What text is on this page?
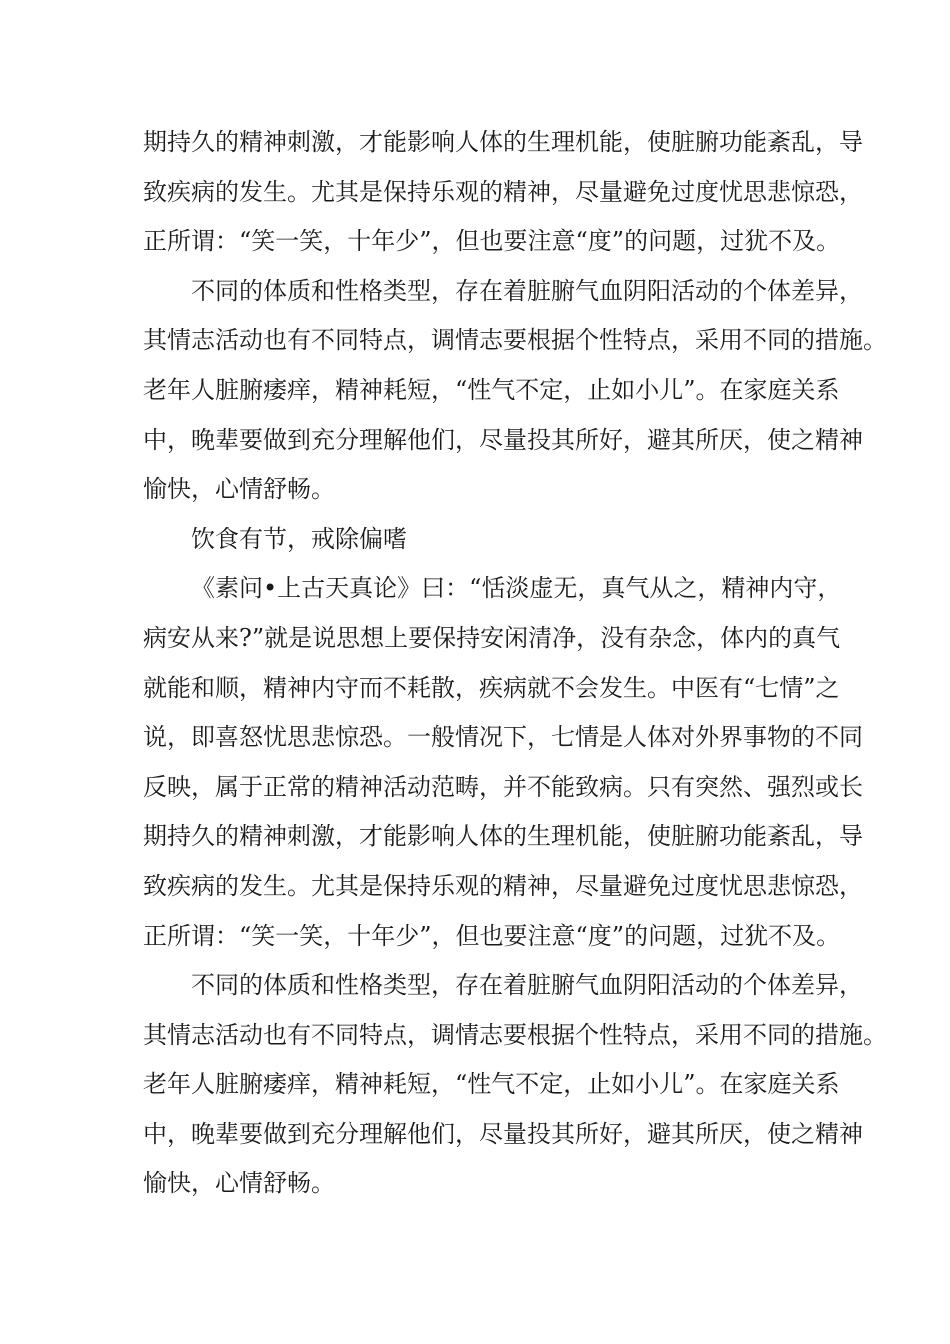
期持久的精神刺激，才能影响人体的生理机能，使脏腑功能紊乱，导
致疾病的发生。尤其是保持乐观的精神，尽量避免过度忧思悲惊恐，
正所谓：“笑一笑，十年少”，但也要注意“度”的问题，过犹不及。
不同的体质和性格类型，存在着脏腑气血阴阳活动的个体差异，
其情志活动也有不同特点，调情志要根据个性特点，采用不同的措施。
老年人脏腑痿痒，精神耗短，“性气不定，止如小儿”。在家庭关系
中，晚辈要做到充分理解他们，尽量投其所好，避其所厌，使之精神
愉快，心情舒畅。
饮食有节，戒除偏嗜
《素问•上古天真论》曰：“恬淡虚无，真气从之，精神内守，
病安从来?”就是说思想上要保持安闲清净，没有杂念，体内的真气
就能和顺，精神内守而不耗散，疾病就不会发生。中医有“七情”之
说，即喜怒忧思悲惊恐。一般情况下，七情是人体对外界事物的不同
反映，属于正常的精神活动范畴，并不能致病。只有突然、强烈或长
期持久的精神刺激，才能影响人体的生理机能，使脏腑功能紊乱，导
致疾病的发生。尤其是保持乐观的精神，尽量避免过度忧思悲惊恐，
正所谓：“笑一笑，十年少”，但也要注意“度”的问题，过犹不及。
不同的体质和性格类型，存在着脏腑气血阴阳活动的个体差异，
其情志活动也有不同特点，调情志要根据个性特点，采用不同的措施。
老年人脏腑痿痒，精神耗短，“性气不定，止如小儿”。在家庭关系
中，晚辈要做到充分理解他们，尽量投其所好，避其所厌，使之精神
愉快，心情舒畅。
